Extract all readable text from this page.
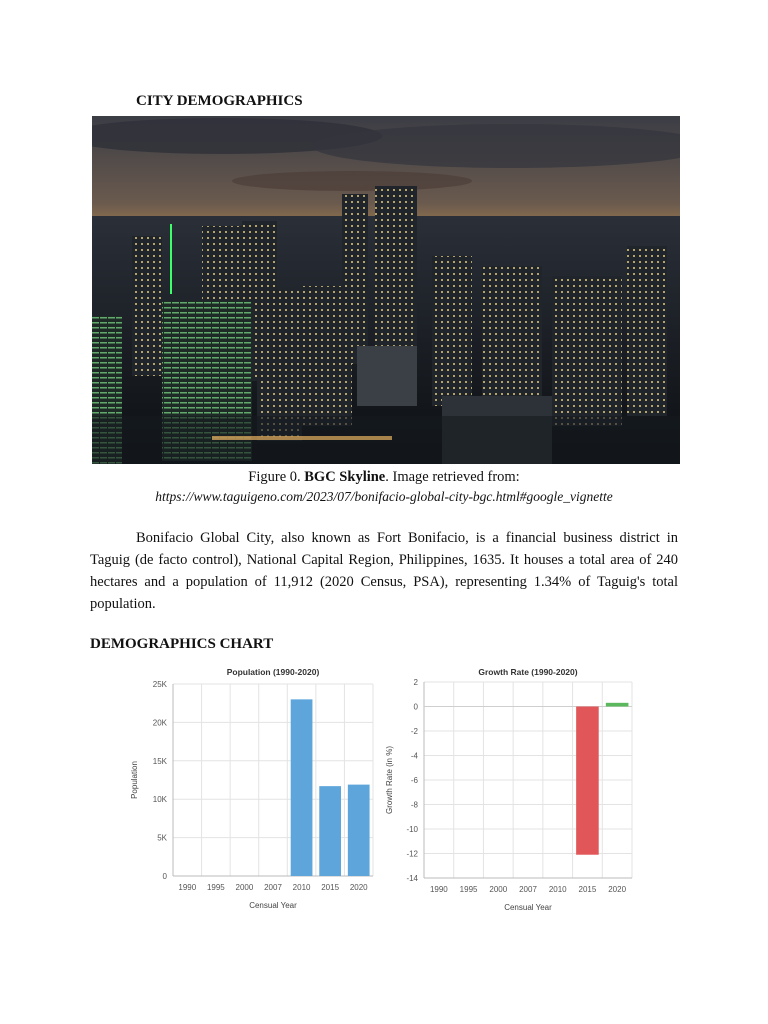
CITY DEMOGRAPHICS
Figure 0. BGC Skyline. Image retrieved from:
https://www.taguigeno.com/2023/07/bonifacio-global-city-bgc.html#google_vignette

Bonifacio Global City, also known as Fort Bonifacio, is a financial business district in Taguig (de facto control), National Capital Region, Philippines, 1635. It houses a total area of 240 hectares and a population of 11,912 (2020 Census, PSA), representing 1.34% of Taguig's total population.

DEMOGRAPHICS CHART
Population (1990-2020)
0
5K
10K
15K
20K
25K
1990 1995 2000 2007 2010 2015 2020
Censual Year
Population
Growth Rate (1990-2020)
-14
-12
-10
-8
-6
-4
-2
0
2
1990 1995 2000 2007 2010 2015 2020
Censual Year
Growth Rate (in %)
